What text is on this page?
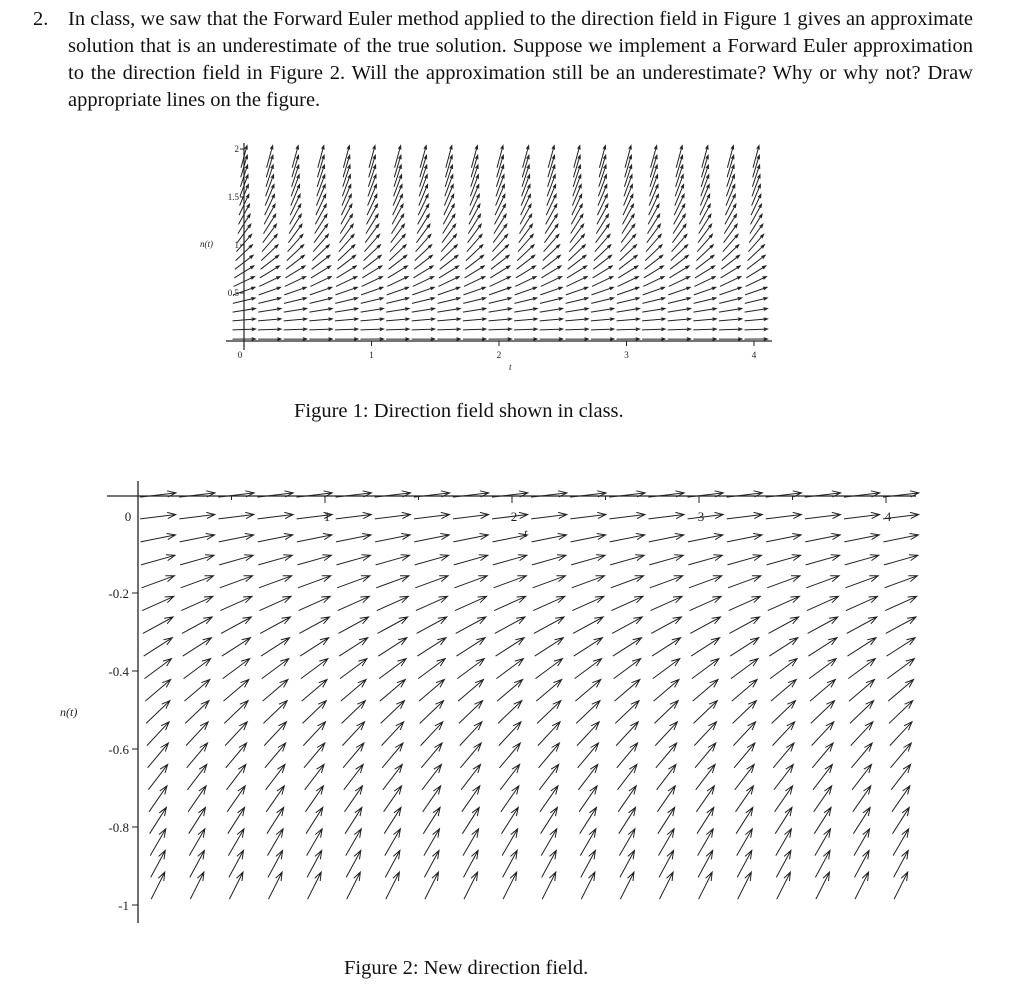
2. In class, we saw that the Forward Euler method applied to the direction field in Figure 1 gives an approximate solution that is an underestimate of the true solution. Suppose we implement a Forward Euler approximation to the direction field in Figure 2. Will the approximation still be an underestimate? Why or why not? Draw appropriate lines on the figure.
0	1	2	3	4
0.5
1
1.5
2
n(t)
t
Figure 1: Direction field shown in class.
0	1	2	3	4
-0.2
-0.4
-0.6
-0.8
-1
n(t)
t
Figure 2: New direction field.
